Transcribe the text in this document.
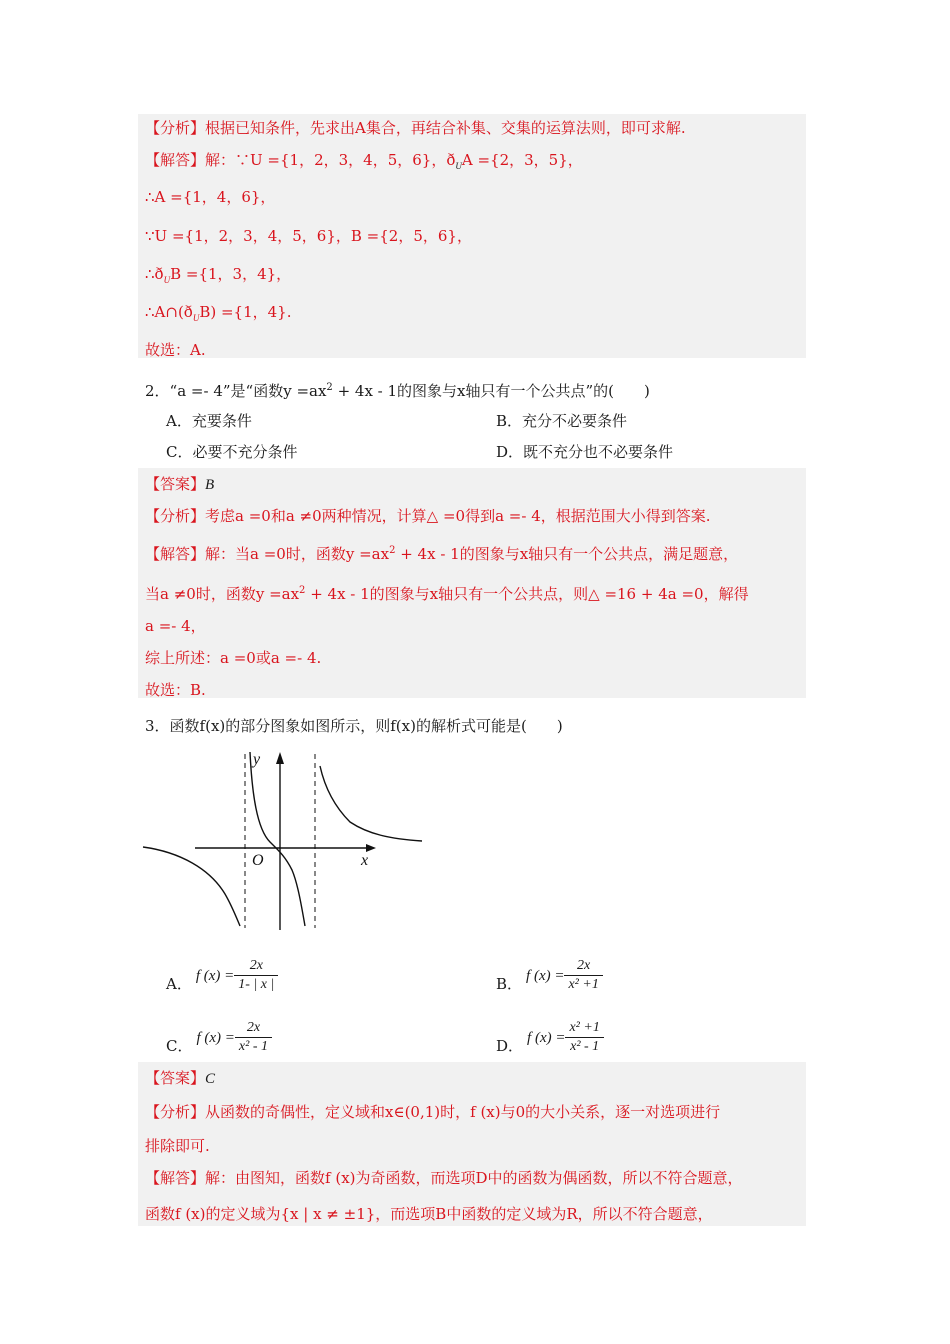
【分析】根据已知条件，先求出A集合，再结合补集、交集的运算法则，即可求解.
【解答】解：∵U ={1，2，3，4，5，6}，$ð_UA =\{2$，3，5}，
∴A ={1，4，6}，
∵U ={1，2，3，4，5，6}，B ={2，5，6}，
$\therefore ð_UB =\{1$，3，4}，
$\therefore A\cap(ð_UB) =\{1$，4}.
故选：A.
2．“a =- 4”是“函数$y =ax^2 + 4x - 1$的图象与x轴只有一个公共点”的(　　)
A．充要条件	B．充分不必要条件
C．必要不充分条件	D．既不充分也不必要条件
【答案】B
【分析】考虑a =0和a ≠0两种情况，计算△ =0得到a =- 4，根据范围大小得到答案.
【解答】解：当a =0时，函数$y =ax^2 + 4x - 1$的图象与x轴只有一个公共点，满足题意，
当a ≠0时，函数$y =ax^2 + 4x - 1$的图象与x轴只有一个公共点，则△ =16 + 4a =0，解得
a =- 4，
综上所述：a =0或a =- 4.
故选：B.
3．函数f(x)的部分图象如图所示，则f(x)的解析式可能是(　　)
y
O	x
A． f $(x) = \frac{2x}{1- | x |}$	B． f $(x) = \frac{2x}{\text{x² +1}}$
C． f $(x) = \frac{2x}{\text{x² - 1}}$	D． f $(x) = \frac{\text{x² +1}}{\text{x² - 1}}$
【答案】C
【分析】从函数的奇偶性，定义域和x∈(0,1)时，f (x)与0的大小关系，逐一对选项进行
排除即可.
【解答】解：由图知，函数f (x)为奇函数，而选项D中的函数为偶函数，所以不符合题意，
函数f (x)的定义域为{x | x ≠ ±1}，而选项B中函数的定义域为R，所以不符合题意，
